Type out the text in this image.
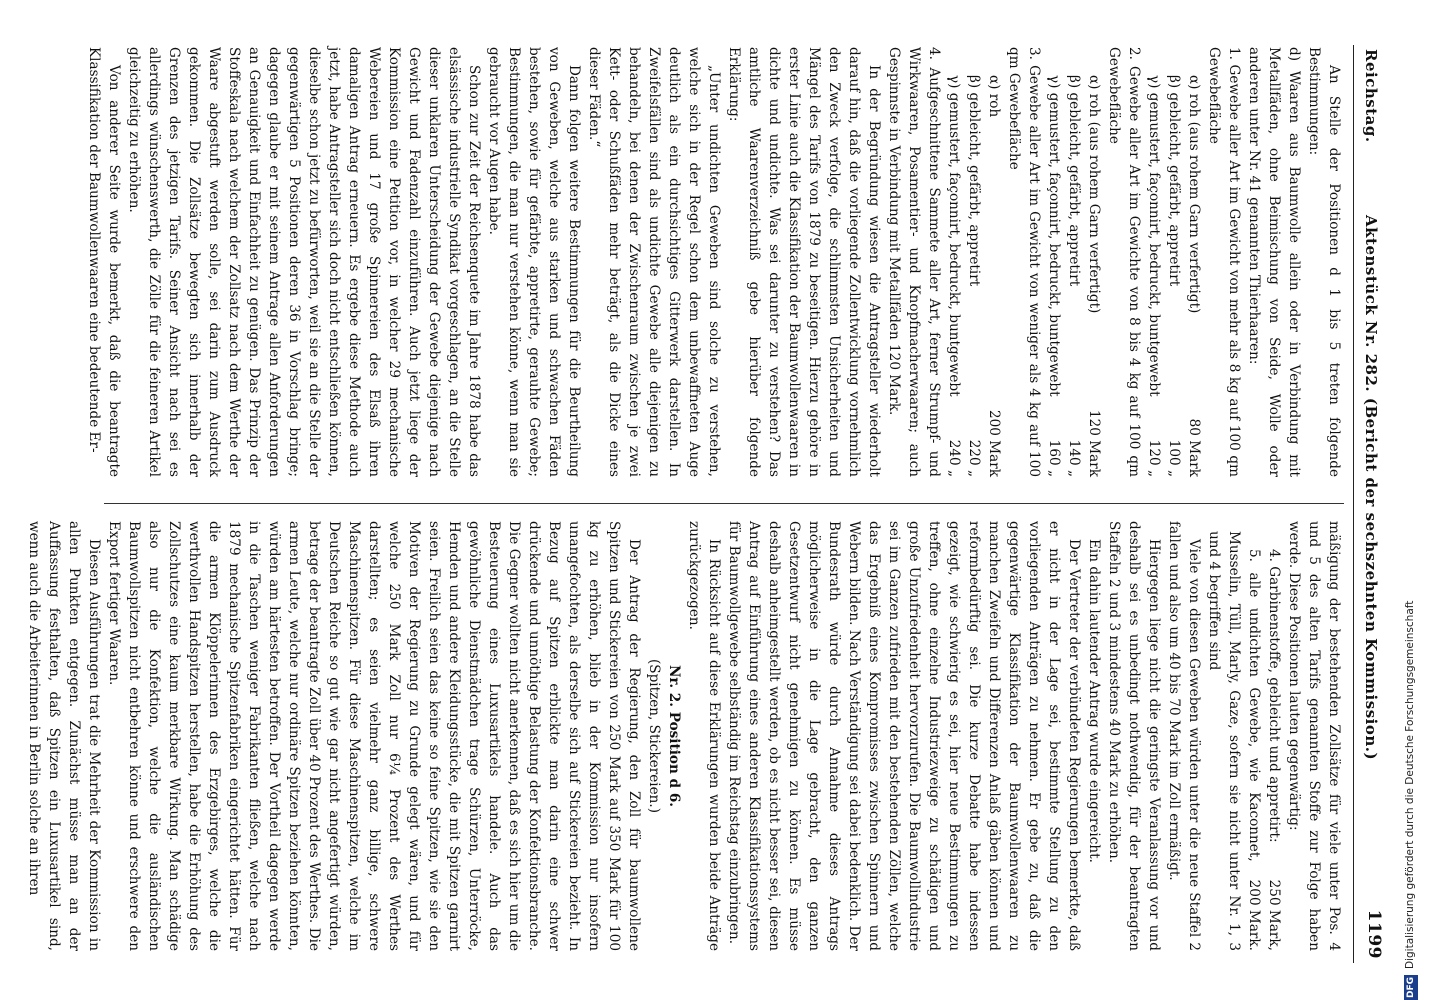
Reichstag.
Aktenstück Nr. 282. (Bericht der sechszehnten Kommission.)
1199

An Stelle der Positionen d 1 bis 5 treten folgende Bestimmungen:

d) Waaren aus Baumwolle allein oder in Verbindung mit Metallfäden, ohne Beimischung von Seide, Wolle oder anderen unter Nr. 41 genannten Thierhaaren:

1. Gewebe aller Art im Gewicht von mehr als 8 kg auf 100 qm Gewebefläche

80 Mark
α) roh (aus rohem Garn verfertigt)

100 „
β) gebleicht, gefärbt, appretirt

120 „
γ) gemustert, façonnirt, bedruckt, buntgewebt

2. Gewebe aller Art im Gewichte von 8 bis 4 kg auf 100 qm Gewebefläche

120 Mark
α) roh (aus rohem Garn verfertigt)

140 „
β) gebleicht, gefärbt, appretirt

160 „
γ) gemustert, façonnirt, bedruckt, buntgewebt

3. Gewebe aller Art im Gewicht von weniger als 4 kg auf 100 qm Gewebefläche

200 Mark
α) roh

220 „
β) gebleicht, gefärbt, appretirt

240 „
γ) gemustert, façonnirt, bedruckt, buntgewebt

4. Aufgeschnittene Sammete aller Art, ferner Strumpf- und Wirkwaaren, Posamentier- und Knopfmacherwaaren; auch Gespinnste in Verbindung mit Metallfäden 120 Mark.

In der Begründung wiesen die Antragsteller wiederholt darauf hin, daß die vorliegende Zollentwicklung vornehmlich den Zweck verfolge, die schlimmsten Unsicherheiten und Mängel des Tarifs von 1879 zu beseitigen. Hierzu gehöre in erster Linie auch die Klassifikation der Baumwollenwaaren in dichte und undichte. Was sei darunter zu verstehen? Das amtliche Waarenverzeichniß gebe hierüber folgende Erklärung:

„Unter undichten Geweben sind solche zu verstehen, welche sich in der Regel schon dem unbewaffneten Auge deutlich als ein durchsichtiges Gitterwerk darstellen. In Zweifelsfällen sind als undichte Gewebe alle diejenigen zu behandeln, bei denen der Zwischenraum zwischen je zwei Kett- oder Schußfäden mehr beträgt, als die Dicke eines dieser Fäden.“

Dann folgen weitere Bestimmungen für die Beurtheilung von Geweben, welche aus starken und schwachen Fäden bestehen, sowie für gefärbte, appretirte, gerauhte Gewebe; Bestimmungen, die man nur verstehen könne, wenn man sie gebraucht vor Augen habe.

Schon zur Zeit der Reichsenquete im Jahre 1878 habe das elsässische industrielle Syndikat vorgeschlagen, an die Stelle dieser unklaren Unterscheidung der Gewebe diejenige nach Gewicht und Fadenzahl einzuführen. Auch jetzt liege der Kommission eine Petition vor, in welcher 29 mechanische Webereien und 17 große Spinnereien des Elsaß ihren damaligen Antrag erneuern. Es ergebe diese Methode auch jetzt, habe Antragsteller sich doch nicht entschließen können, dieselbe schon jetzt zu befürworten, weil sie an die Stelle der gegenwärtigen 5 Positionen deren 36 in Vorschlag bringe; dagegen glaube er mit seinem Antrage allen Anforderungen an Genauigkeit und Einfachheit zu genügen. Das Prinzip der Stoffeskala nach welchem der Zollsatz nach dem Werthe der Waare abgestuft werden solle, sei darin zum Ausdruck gekommen. Die Zollsätze bewegten sich innerhalb der Grenzen des jetzigen Tarifs. Seiner Ansicht nach sei es allerdings wünschenswerth, die Zölle für die feineren Artikel gleichzeitig zu erhöhen.

Von anderer Seite wurde bemerkt, daß die beantragte Klassifikation der Baumwollenwaaren eine bedeutende Er-

mäßigung der bestehenden Zollsätze für viele unter Pos. 4 und 5 des alten Tarifs genannten Stoffe zur Folge haben werde. Diese Positionen lauten gegenwärtig:

250 Mark,
4. Garbinenstoffe, gebleicht und appretirt:

200 Mark.
5. alle undichten Gewebe, wie Kaconnet, Musselin, Tüll, Marly, Gaze, sofern sie nicht unter Nr. 1, 3 und 4 begriffen sind

Viele von diesen Geweben würden unter die neue Staffel 2 fallen und also um 40 bis 70 Mark im Zoll ermäßigt.

Hiergegen liege nicht die geringste Veranlassung vor und deshalb sei es unbedingt nothwendig, für der beantragten Staffeln 2 und 3 mindestens 40 Mark zu erhöhen.

Ein dahin lautender Antrag wurde eingereicht.

Der Vertreter der verbündeten Regierungen bemerkte, daß er nicht in der Lage sei, bestimmte Stellung zu den vorliegenden Anträgen zu nehmen. Er gebe zu, daß die gegenwärtige Klassifikation der Baumwollenwaaren zu manchen Zweifeln und Differenzen Anlaß gäben können und reformbedürftig sei. Die kurze Debatte habe indessen gezeigt, wie schwierig es sei, hier neue Bestimmungen zu treffen, ohne einzelne Industriezweige zu schädigen und große Unzufriedenheit hervorzurufen. Die Baumwollindustrie sei im Ganzen zufrieden mit den bestehenden Zöllen, welche das Ergebniß eines Kompromisses zwischen Spinnern und Webern bilden. Nach Verständigung sei dabei bedenklich. Der Bundesrath würde durch Annahme dieses Antrags möglicherweise in die Lage gebracht, den ganzen Gesetzentwurf nicht genehmigen zu können. Es müsse deshalb anheimgestellt werden, ob es nicht besser sei, diesen Antrag auf Einführung eines anderen Klassifikationssystems für Baumwollgewebe selbständig im Reichstag einzubringen.

In Rücksicht auf diese Erklärungen wurden beide Anträge zurückgezogen.

Nr. 2. Position d 6.

(Spitzen, Stickereien.)

Der Antrag der Regierung, den Zoll für baumwollene Spitzen und Stickereien von 250 Mark auf 350 Mark für 100 kg zu erhöhen, blieb in der Kommission nur insofern unangefochten, als derselbe sich auf Stickereien bezieht. In Bezug auf Spitzen erblickte man darin eine schwer drückende und unnöthige Belastung der Konfektionsbranche. Die Gegner wollten nicht anerkennen, daß es sich hier um die Besteuerung eines Luxusartikels handele. Auch das gewöhnliche Dienstmädchen trage Schürzen, Unterröcke, Hemden und andere Kleidungsstücke, die mit Spitzen garnirt seien. Freilich seien das keine so feine Spitzen, wie sie den Motiven der Regierung zu Grunde gelegt wären, und für welche 250 Mark Zoll nur 6¼ Prozent des Werthes darstellten; es seien vielmehr ganz billige, schwere Maschinenspitzen. Für diese Maschinenspitzen, welche im Deutschen Reiche so gut wie gar nicht angefertigt würden, betrage der beantragte Zoll über 40 Prozent des Werthes. Die armen Leute, welche nur ordinäre Spitzen beziehen könnten, würden am härtesten betroffen. Der Vortheil dagegen werde in die Taschen weniger Fabrikanten fließen, welche nach 1879 mechanische Spitzenfabriken eingerichtet hätten. Für die armen Klöppelerinnen des Erzgebirges, welche die werthvollen Handspitzen herstellen, habe die Erhöhung des Zollschutzes eine kaum merkbare Wirkung. Man schädige also nur die Konfektion, welche die ausländischen Baumwollspitzen nicht entbehren könne und erschwere den Export fertiger Waaren.

Diesen Ausführungen trat die Mehrheit der Kommission in allen Punkten entgegen. Zunächst müsse man an der Auffassung festhalten, daß Spitzen ein Luxusartikel sind, wenn auch die Arbeiterinnen in Berlin solche an ihren

DFGDigitalisierung gefördert durch die Deutsche Forschungsgemeinschaft
